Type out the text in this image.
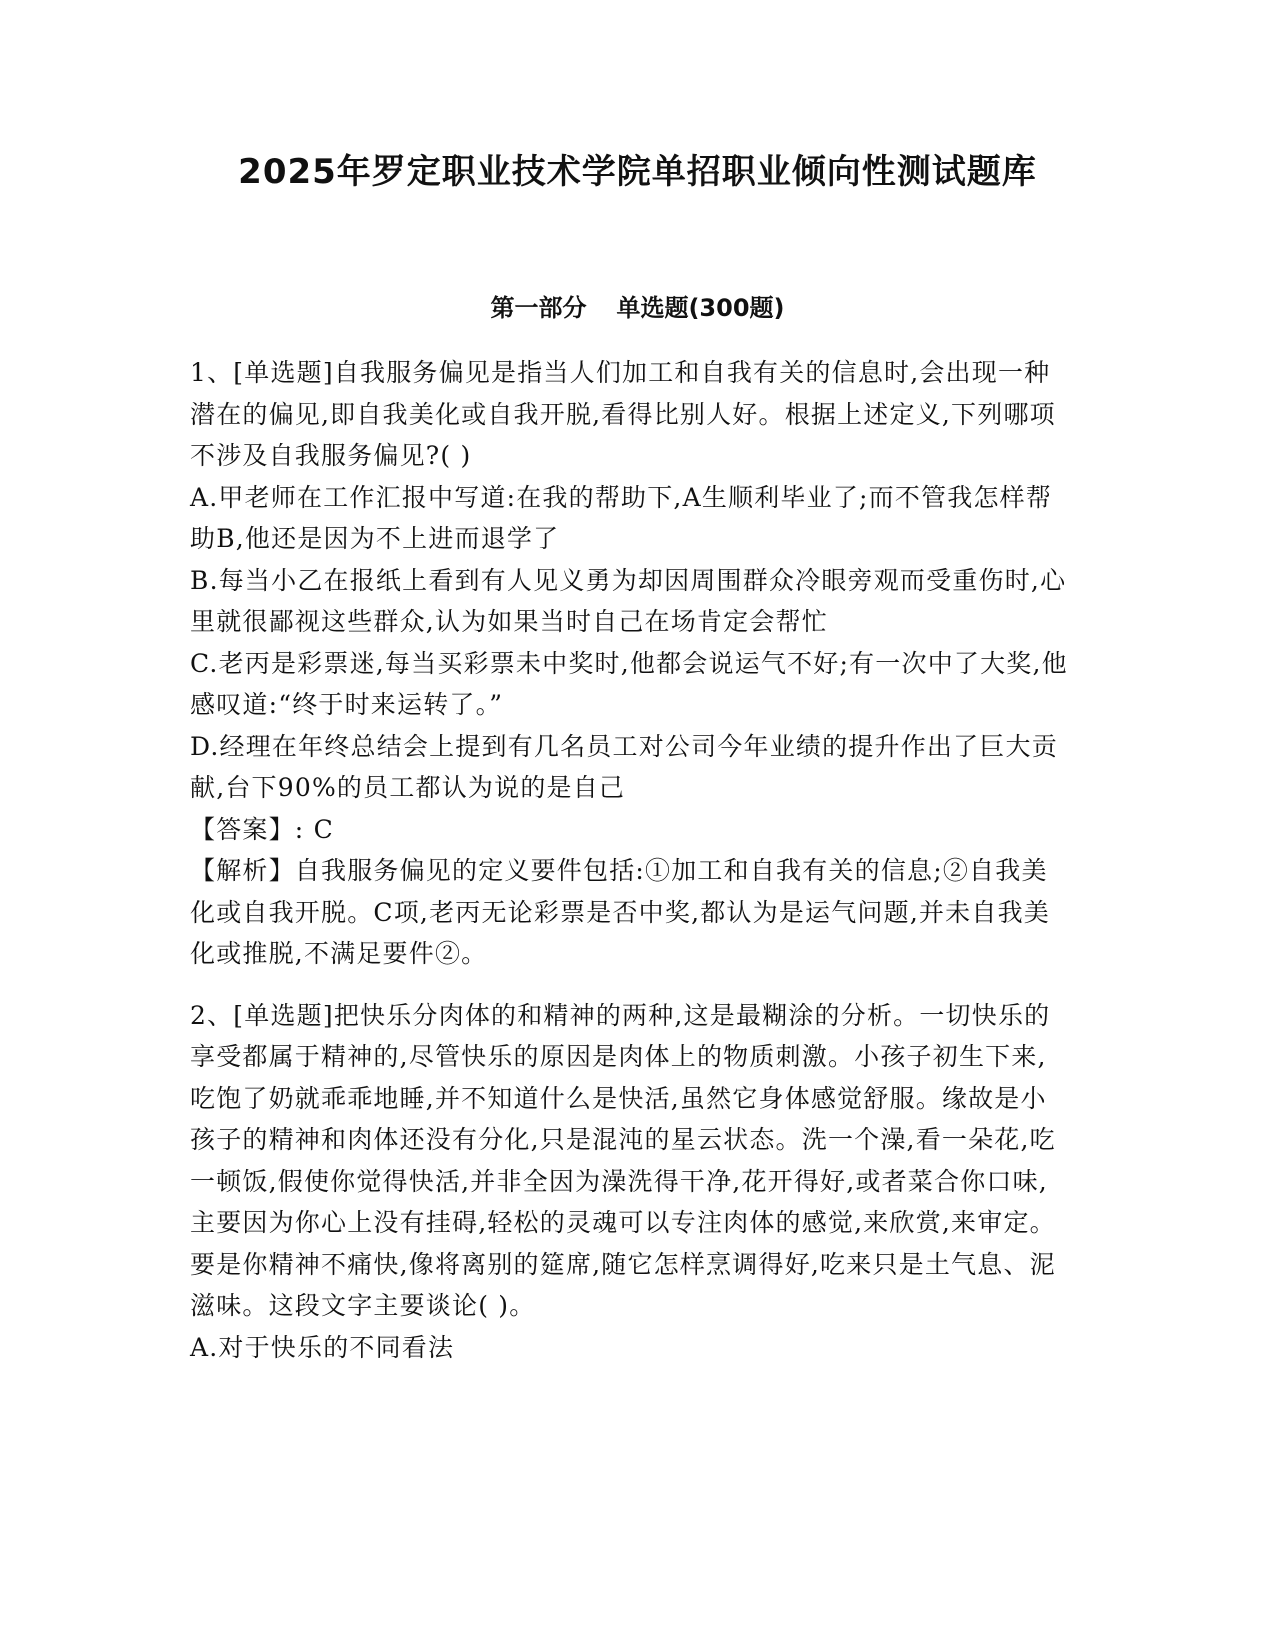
2025年罗定职业技术学院单招职业倾向性测试题库
第一部分 单选题(300题)

1、[单选题]自我服务偏见是指当人们加工和自我有关的信息时,会出现一种潜在的偏见,即自我美化或自我开脱,看得比别人好。根据上述定义,下列哪项不涉及自我服务偏见?( )

A.甲老师在工作汇报中写道:在我的帮助下,A生顺利毕业了;而不管我怎样帮助B,他还是因为不上进而退学了

B.每当小乙在报纸上看到有人见义勇为却因周围群众冷眼旁观而受重伤时,心里就很鄙视这些群众,认为如果当时自己在场肯定会帮忙

C.老丙是彩票迷,每当买彩票未中奖时,他都会说运气不好;有一次中了大奖,他感叹道:“终于时来运转了。”

D.经理在年终总结会上提到有几名员工对公司今年业绩的提升作出了巨大贡献,台下90%的员工都认为说的是自己

【答案】: C

【解析】自我服务偏见的定义要件包括:①加工和自我有关的信息;②自我美化或自我开脱。C项,老丙无论彩票是否中奖,都认为是运气问题,并未自我美化或推脱,不满足要件②。

2、[单选题]把快乐分肉体的和精神的两种,这是最糊涂的分析。一切快乐的享受都属于精神的,尽管快乐的原因是肉体上的物质刺激。小孩子初生下来,吃饱了奶就乖乖地睡,并不知道什么是快活,虽然它身体感觉舒服。缘故是小孩子的精神和肉体还没有分化,只是混沌的星云状态。洗一个澡,看一朵花,吃一顿饭,假使你觉得快活,并非全因为澡洗得干净,花开得好,或者菜合你口味,主要因为你心上没有挂碍,轻松的灵魂可以专注肉体的感觉,来欣赏,来审定。要是你精神不痛快,像将离别的筵席,随它怎样烹调得好,吃来只是土气息、泥滋味。这段文字主要谈论( )。

A.对于快乐的不同看法
